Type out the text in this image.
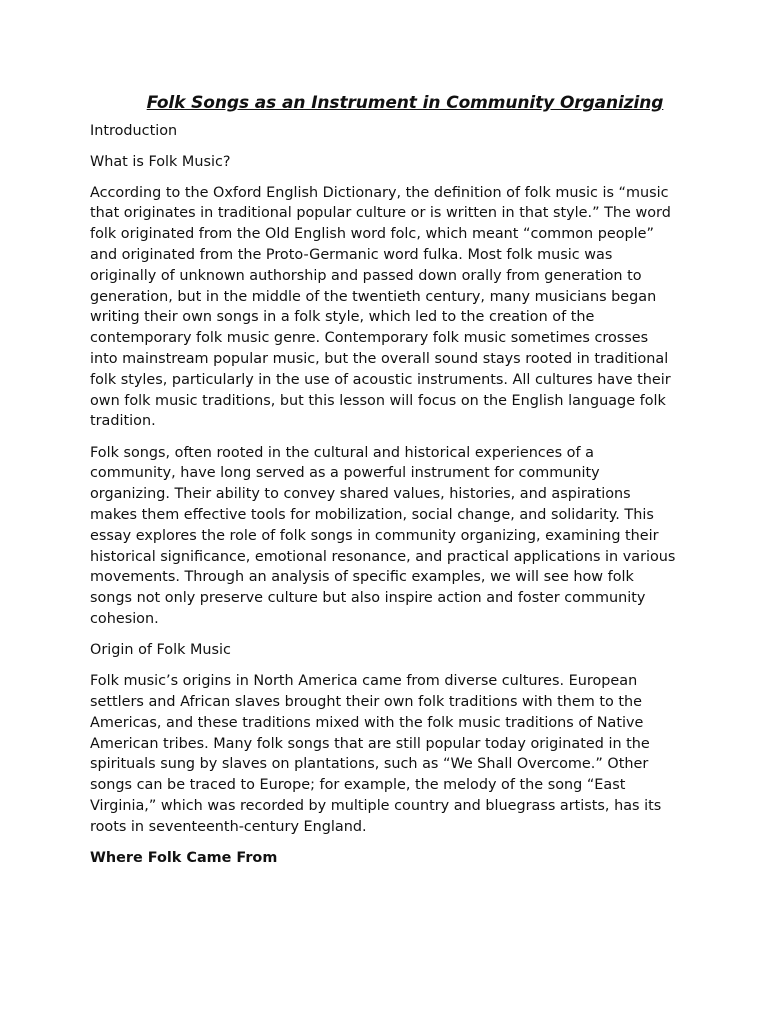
Folk Songs as an Instrument in Community Organizing
Introduction
What is Folk Music?

According to the Oxford English Dictionary, the definition of folk music is “music that originates in traditional popular culture or is written in that style.” The word folk originated from the Old English word folc, which meant “common people” and originated from the Proto-Germanic word fulka. Most folk music was originally of unknown authorship and passed down orally from generation to generation, but in the middle of the twentieth century, many musicians began writing their own songs in a folk style, which led to the creation of the contemporary folk music genre. Contemporary folk music sometimes crosses into mainstream popular music, but the overall sound stays rooted in traditional folk styles, particularly in the use of acoustic instruments. All cultures have their own folk music traditions, but this lesson will focus on the English language folk tradition.

Folk songs, often rooted in the cultural and historical experiences of a community, have long served as a powerful instrument for community organizing. Their ability to convey shared values, histories, and aspirations makes them effective tools for mobilization, social change, and solidarity. This essay explores the role of folk songs in community organizing, examining their historical significance, emotional resonance, and practical applications in various movements. Through an analysis of specific examples, we will see how folk songs not only preserve culture but also inspire action and foster community cohesion.

Origin of Folk Music

Folk music’s origins in North America came from diverse cultures. European settlers and African slaves brought their own folk traditions with them to the Americas, and these traditions mixed with the folk music traditions of Native American tribes. Many folk songs that are still popular today originated in the spirituals sung by slaves on plantations, such as “We Shall Overcome.” Other songs can be traced to Europe; for example, the melody of the song “East Virginia,” which was recorded by multiple country and bluegrass artists, has its roots in seventeenth-century England.

Where Folk Came From
